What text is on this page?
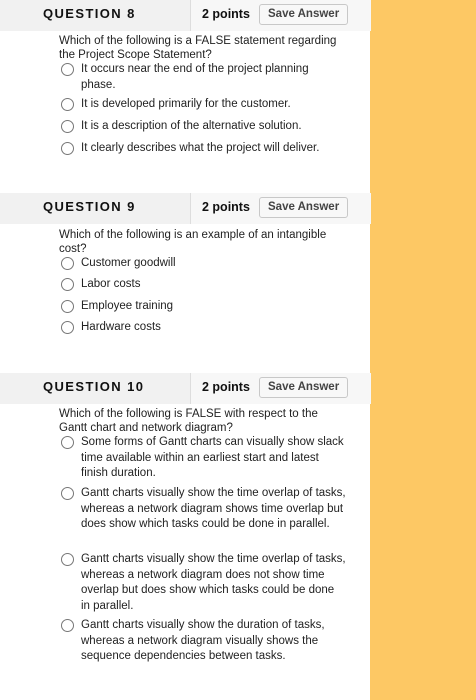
QUESTION 8	2 points	Save Answer
Which of the following is a FALSE statement regarding the Project Scope Statement?
It occurs near the end of the project planning phase.
It is developed primarily for the customer.
It is a description of the alternative solution.
It clearly describes what the project will deliver.
QUESTION 9	2 points	Save Answer
Which of the following is an example of an intangible cost?
Customer goodwill
Labor costs
Employee training
Hardware costs
QUESTION 10	2 points	Save Answer
Which of the following is FALSE with respect to the Gantt chart and network diagram?
Some forms of Gantt charts can visually show slack time available within an earliest start and latest finish duration.
Gantt charts visually show the time overlap of tasks, whereas a network diagram shows time overlap but does show which tasks could be done in parallel.
Gantt charts visually show the time overlap of tasks, whereas a network diagram does not show time overlap but does show which tasks could be done in parallel.
Gantt charts visually show the duration of tasks, whereas a network diagram visually shows the sequence dependencies between tasks.
